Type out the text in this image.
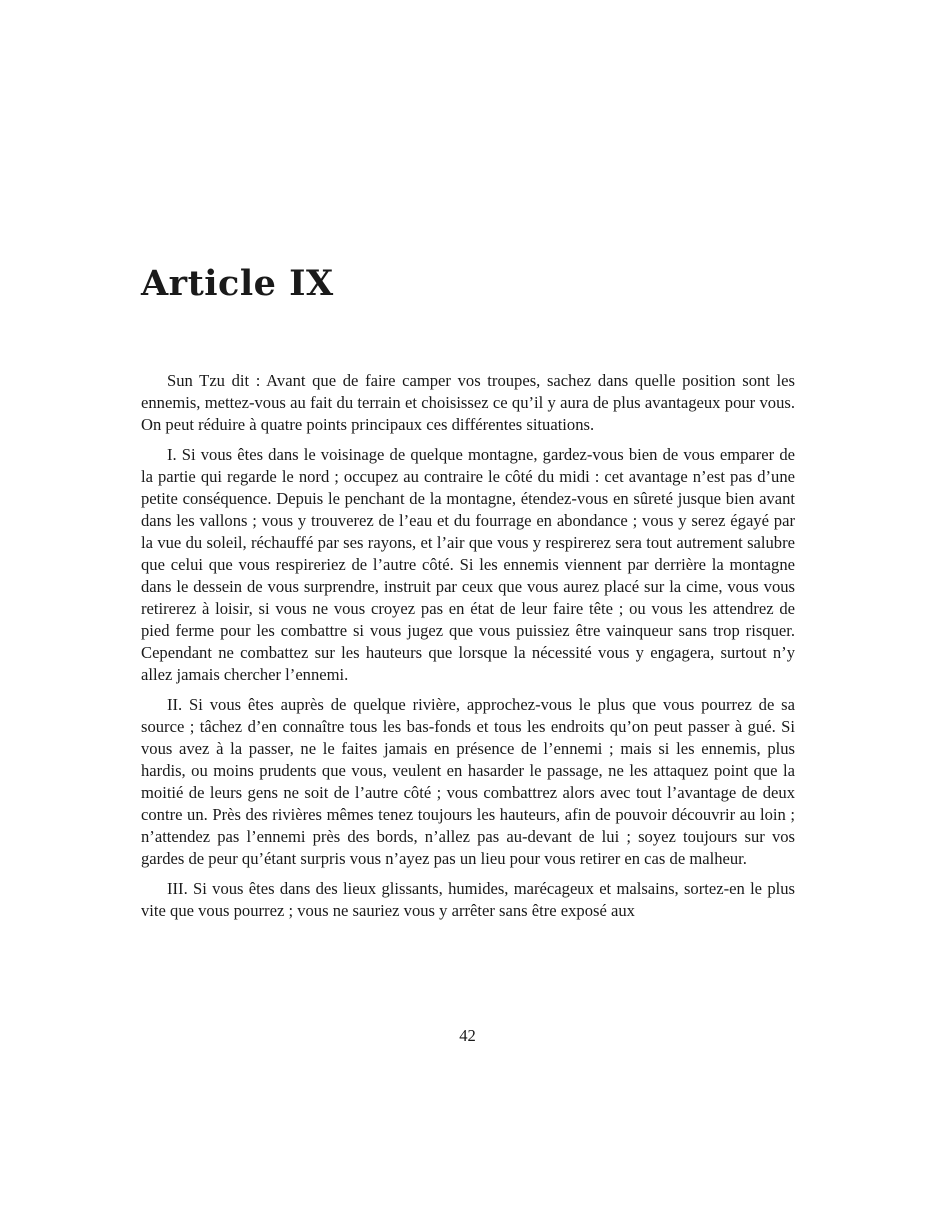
Article IX

Sun Tzu dit : Avant que de faire camper vos troupes, sachez dans quelle position sont les ennemis, mettez-vous au fait du terrain et choisissez ce qu’il y aura de plus avantageux pour vous. On peut réduire à quatre points principaux ces différentes situations.

I. Si vous êtes dans le voisinage de quelque montagne, gardez-vous bien de vous emparer de la partie qui regarde le nord ; occupez au contraire le côté du midi : cet avantage n’est pas d’une petite conséquence. Depuis le penchant de la montagne, étendez-vous en sûreté jusque bien avant dans les vallons ; vous y trouverez de l’eau et du fourrage en abondance ; vous y serez égayé par la vue du soleil, réchauffé par ses rayons, et l’air que vous y respirerez sera tout autrement salubre que celui que vous respireriez de l’autre côté. Si les ennemis viennent par derrière la montagne dans le dessein de vous surprendre, instruit par ceux que vous aurez placé sur la cime, vous vous retirerez à loisir, si vous ne vous croyez pas en état de leur faire tête ; ou vous les attendrez de pied ferme pour les combattre si vous jugez que vous puissiez être vainqueur sans trop risquer. Cependant ne combattez sur les hauteurs que lorsque la nécessité vous y engagera, surtout n’y allez jamais chercher l’ennemi.

II. Si vous êtes auprès de quelque rivière, approchez-vous le plus que vous pourrez de sa source ; tâchez d’en connaître tous les bas-fonds et tous les endroits qu’on peut passer à gué. Si vous avez à la passer, ne le faites jamais en présence de l’ennemi ; mais si les ennemis, plus hardis, ou moins prudents que vous, veulent en hasarder le passage, ne les attaquez point que la moitié de leurs gens ne soit de l’autre côté ; vous combattrez alors avec tout l’avantage de deux contre un. Près des rivières mêmes tenez toujours les hauteurs, afin de pouvoir découvrir au loin ; n’attendez pas l’ennemi près des bords, n’allez pas au-devant de lui ; soyez toujours sur vos gardes de peur qu’étant surpris vous n’ayez pas un lieu pour vous retirer en cas de malheur.

III. Si vous êtes dans des lieux glissants, humides, marécageux et malsains, sortez-en le plus vite que vous pourrez ; vous ne sauriez vous y arrêter sans être exposé aux

42
